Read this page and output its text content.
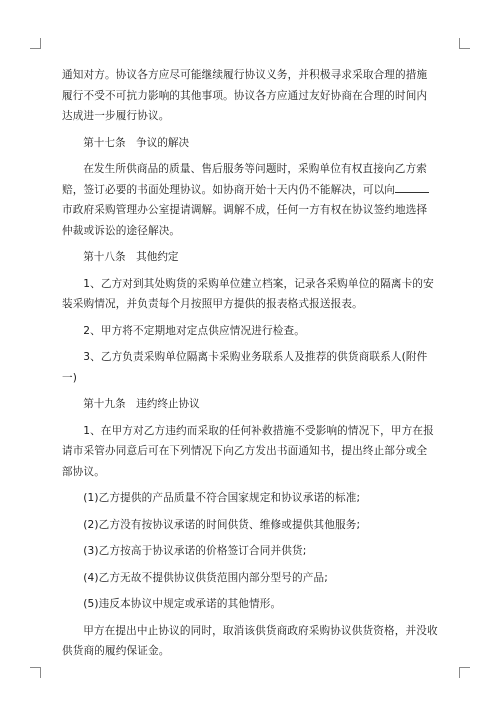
通知对方。协议各方应尽可能继续履行协议义务，并积极寻求采取合理的措施履行不受不可抗力影响的其他事项。协议各方应通过友好协商在合理的时间内达成进一步履行协议。

第十七条　争议的解决

在发生所供商品的质量、售后服务等问题时，采购单位有权直接向乙方索赔，签订必要的书面处理协议。如协商开始十天内仍不能解决，可以向市政府采购管理办公室提请调解。调解不成，任何一方有权在协议签约地选择仲裁或诉讼的途径解决。

第十八条　其他约定

1、乙方对到其处购货的采购单位建立档案，记录各采购单位的隔离卡的安装采购情况，并负责每个月按照甲方提供的报表格式报送报表。

2、甲方将不定期地对定点供应情况进行检查。

3、乙方负责采购单位隔离卡采购业务联系人及推荐的供货商联系人(附件一)

第十九条　违约终止协议

1、在甲方对乙方违约而采取的任何补救措施不受影响的情况下，甲方在报请市采管办同意后可在下列情况下向乙方发出书面通知书，提出终止部分或全部协议。

(1)乙方提供的产品质量不符合国家规定和协议承诺的标准;

(2)乙方没有按协议承诺的时间供货、维修或提供其他服务;

(3)乙方按高于协议承诺的价格签订合同并供货;

(4)乙方无故不提供协议供货范围内部分型号的产品;

(5)违反本协议中规定或承诺的其他情形。

甲方在提出中止协议的同时，取消该供货商政府采购协议供货资格，并没收供货商的履约保证金。
